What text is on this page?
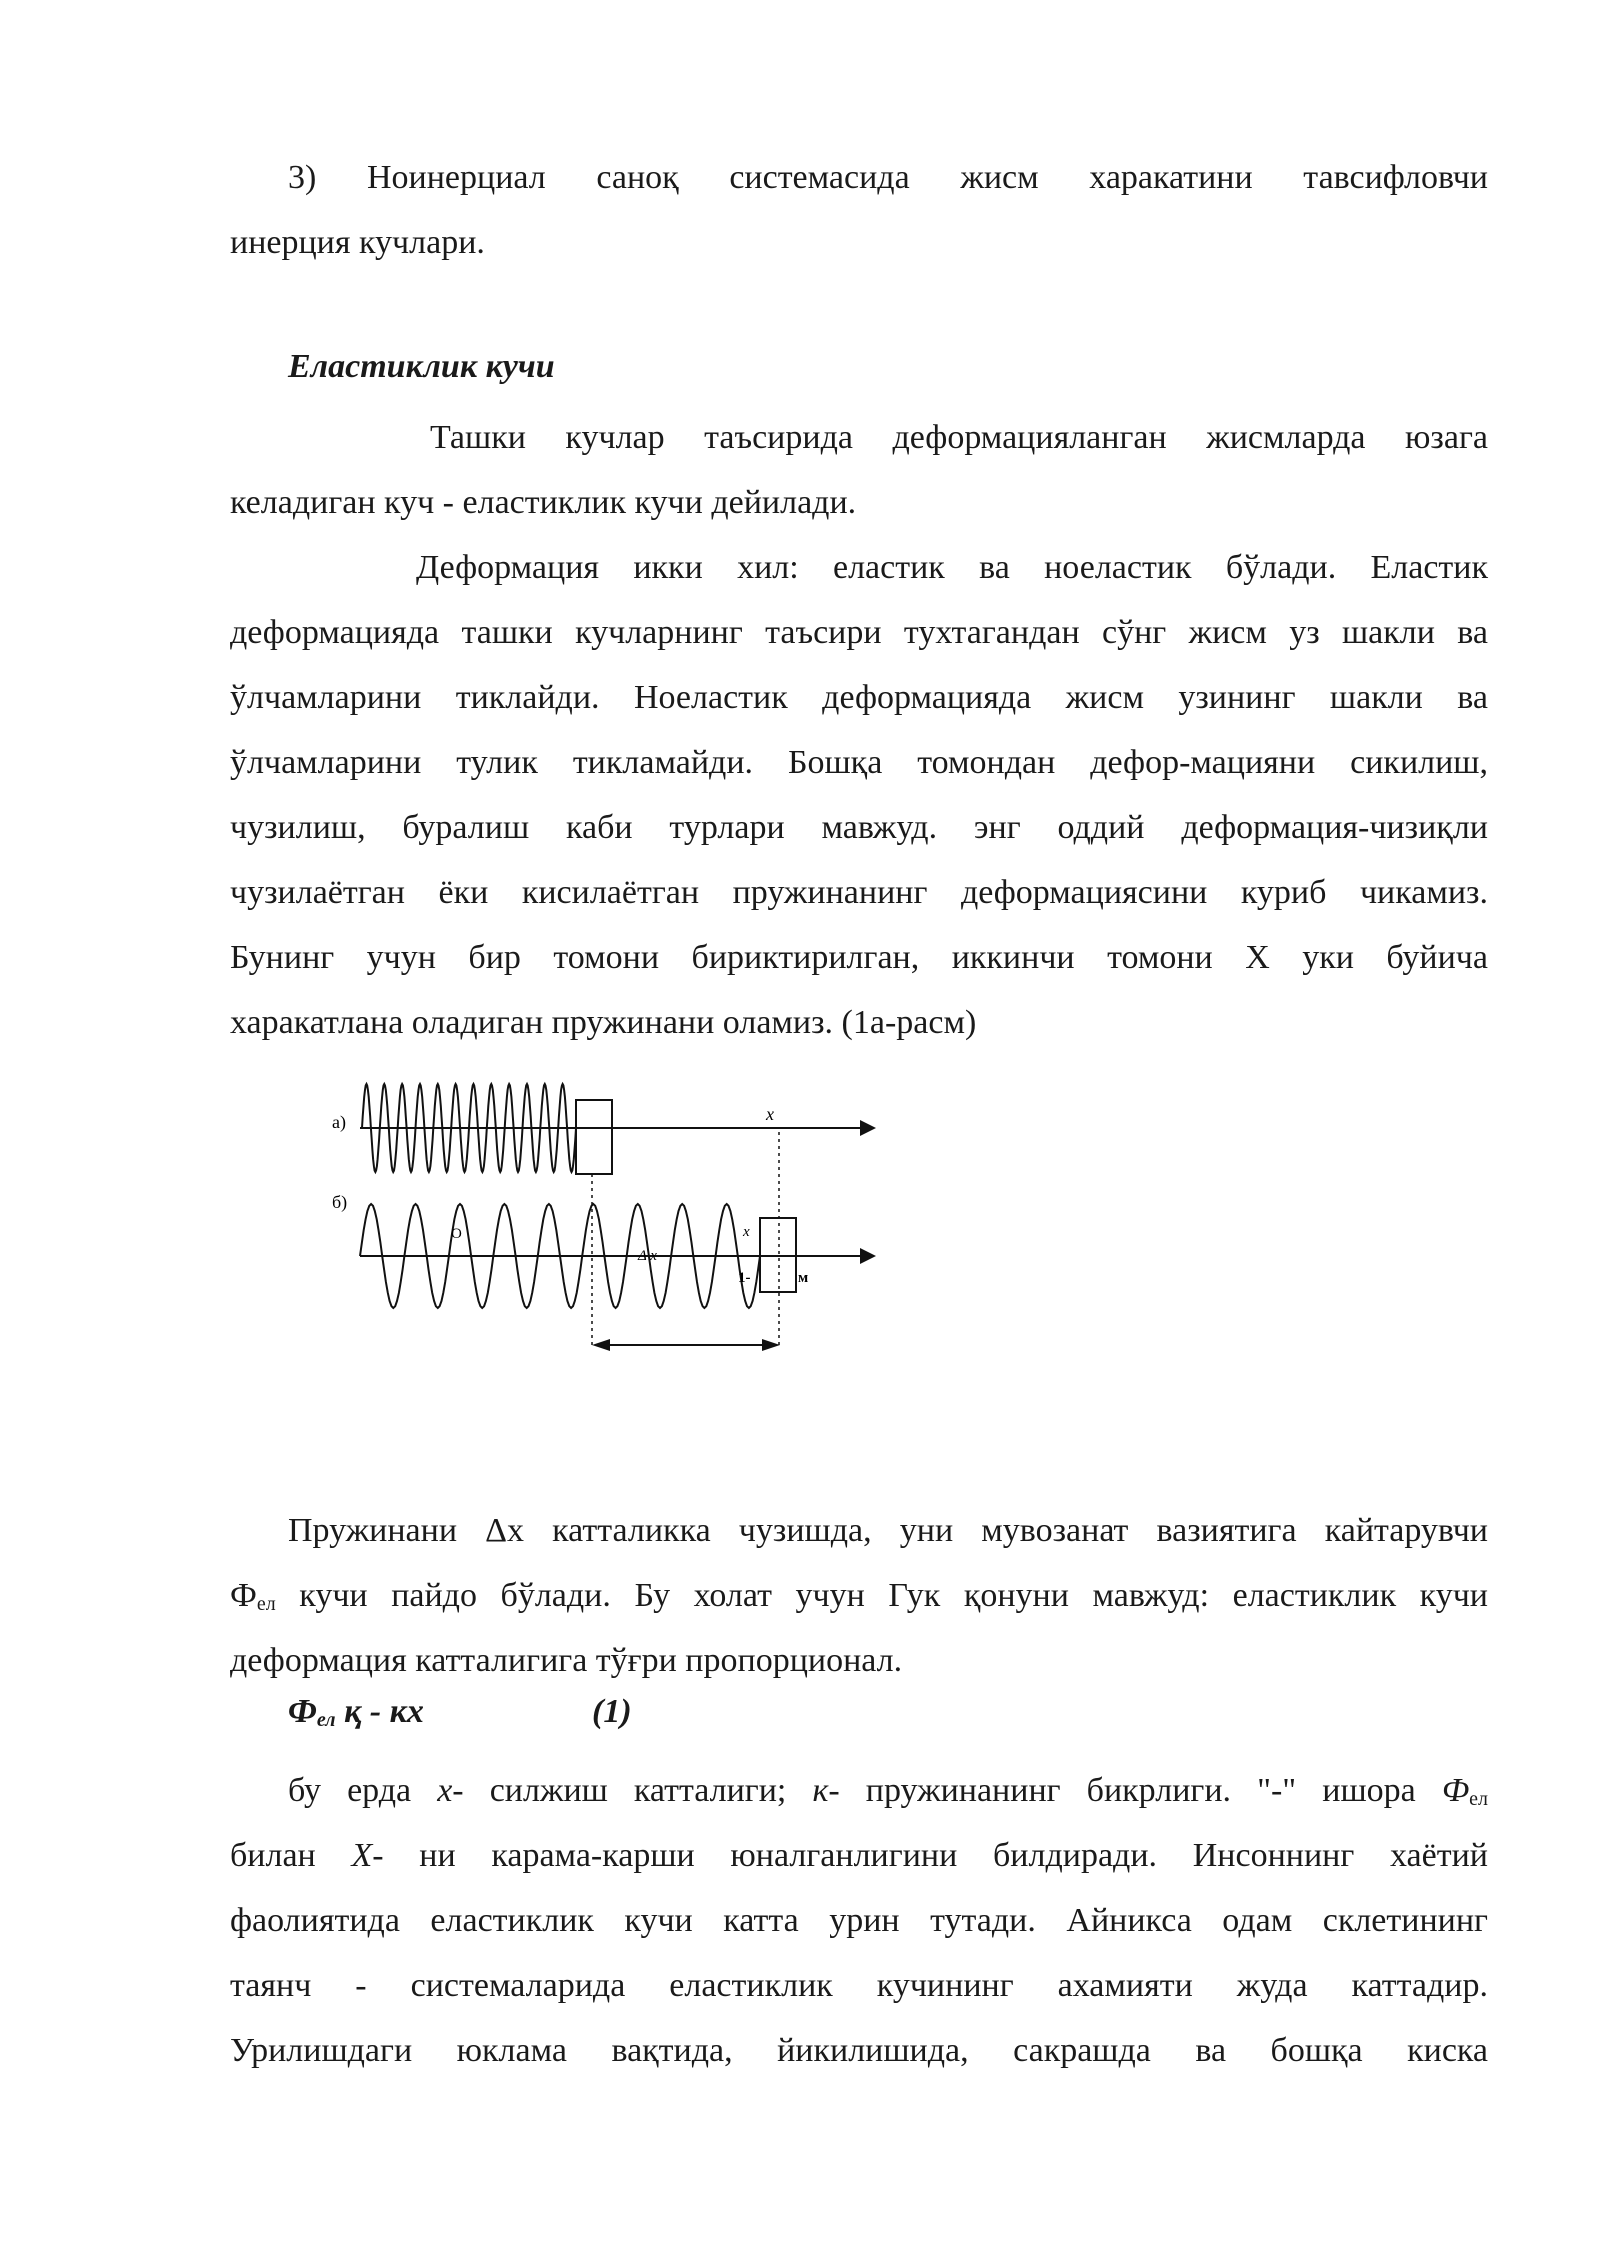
3) Ноинерциал саноқ системасида жисм харакатини тавсифловчи
инерция кучлари.
Еластиклик кучи
Ташки кучлар таъсирида деформацияланган жисмларда юзага
келадиган куч - еластиклик кучи дейилади.
Деформация икки хил: еластик ва ноеластик бўлади. Еластик
деформацияда ташки кучларнинг таъсири тухтагандан сўнг жисм уз шакли ва
ўлчамларини тиклайди. Ноеластик деформацияда жисм узининг шакли ва
ўлчамларини тулик тикламайди. Бошқа томондан дефор-мацияни сикилиш,
чузилиш, буралиш каби турлари мавжуд. энг оддий деформация-чизиқли
чузилаётган ёки кисилаётган пружинанинг деформациясини куриб чикамиз.
Бунинг учун бир томони бириктирилган, иккинчи томони Х уки буйича
харакатлана оладиган пружинани оламиз. (1а-расм)
а)
б)
х
О	х
Δ х
1-	м
Пружинани Δх катталикка чузишда, уни мувозанат вазиятига кайтарувчи
$Ф_{ел}$ кучи пайдо бўлади. Бу холат учун Гук қонуни мавжуд: еластиклик кучи
деформация катталигига тўғри пропорционал.
$Ф_{ел}$ қ - кх	(1)
бу ерда х- силжиш катталиги; к- пружинанинг бикрлиги. "-" ишора $Ф_{ел}$
билан Х- ни карама-карши юналганлигини билдиради. Инсоннинг хаётий
фаолиятида еластиклик кучи катта урин тутади. Айникса одам склетининг
таянч - системаларида еластиклик кучининг ахамияти жуда каттадир.
Урилишдаги юклама вақтида, йикилишида, сакрашда ва бошқа киска
